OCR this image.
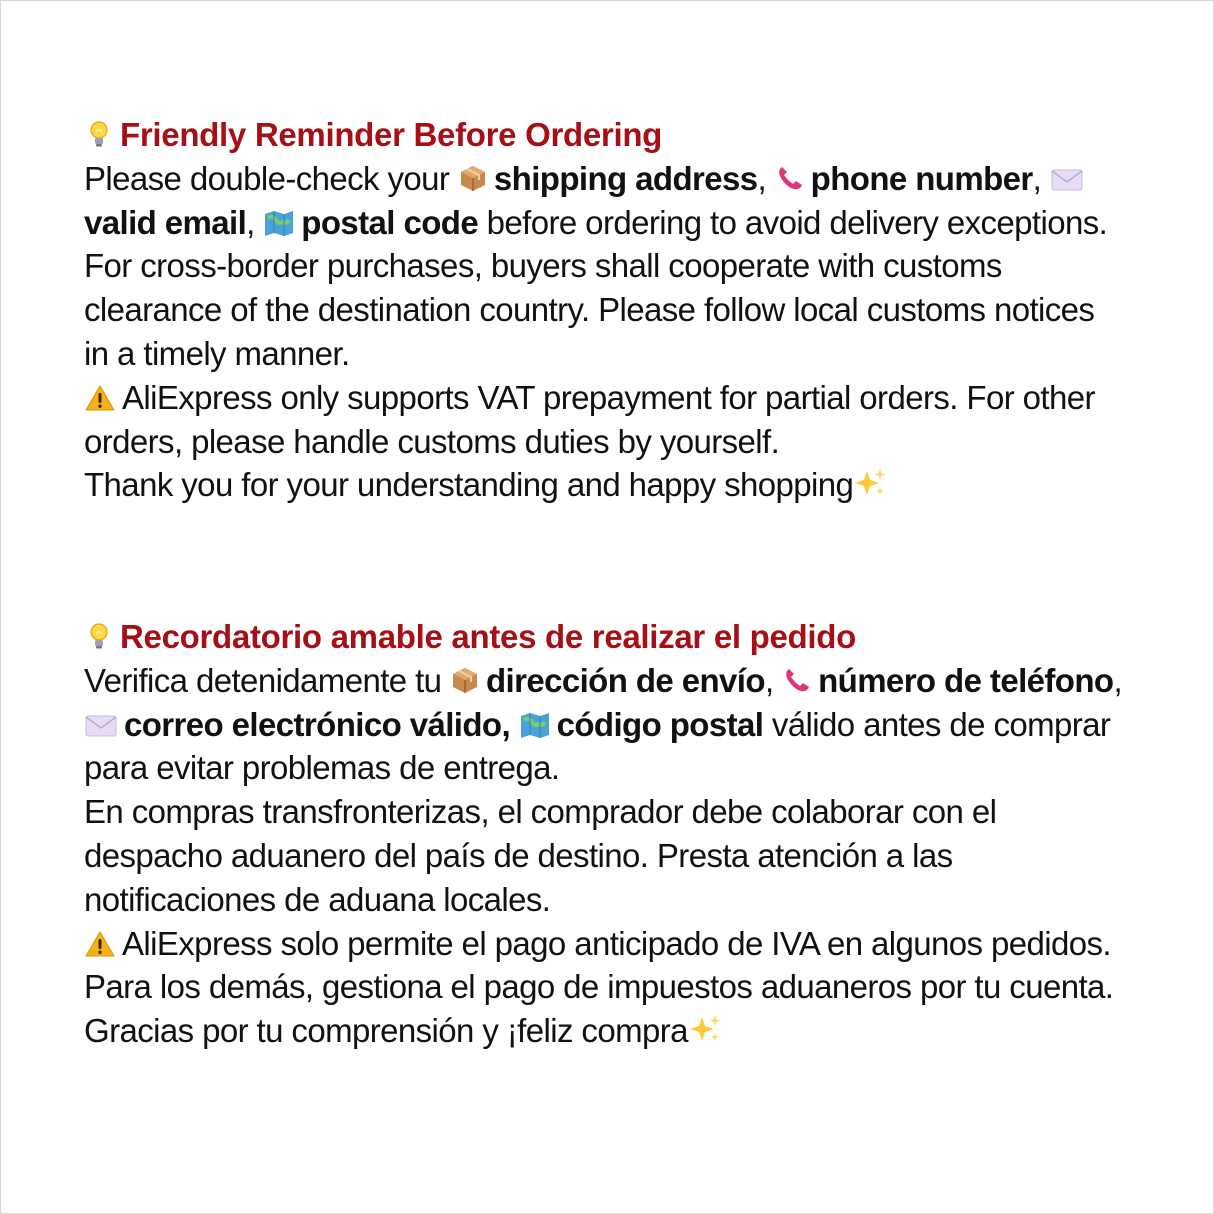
Friendly Reminder Before Ordering
Please double-check your
shipping address,
phone number,
valid email,
postal code before ordering to avoid delivery exceptions.
For cross-border purchases, buyers shall cooperate with customs clearance of the destination country. Please follow local customs notices in a timely manner.
AliExpress only supports VAT prepayment for partial orders. For other orders, please handle customs duties by yourself.
Thank you for your understanding and happy shopping
Recordatorio amable antes de realizar el pedido
Verifica detenidamente tu
dirección de envío,
número de teléfono,
correo electrónico válido, código postal válido antes de comprar para evitar problemas de entrega.
En compras transfronterizas, el comprador debe colaborar con el despacho aduanero del país de destino. Presta atención a las notificaciones de aduana locales.
AliExpress solo permite el pago anticipado de IVA en algunos pedidos. Para los demás, gestiona el pago de impuestos aduaneros por tu cuenta.
Gracias por tu comprensión y ¡feliz compra
